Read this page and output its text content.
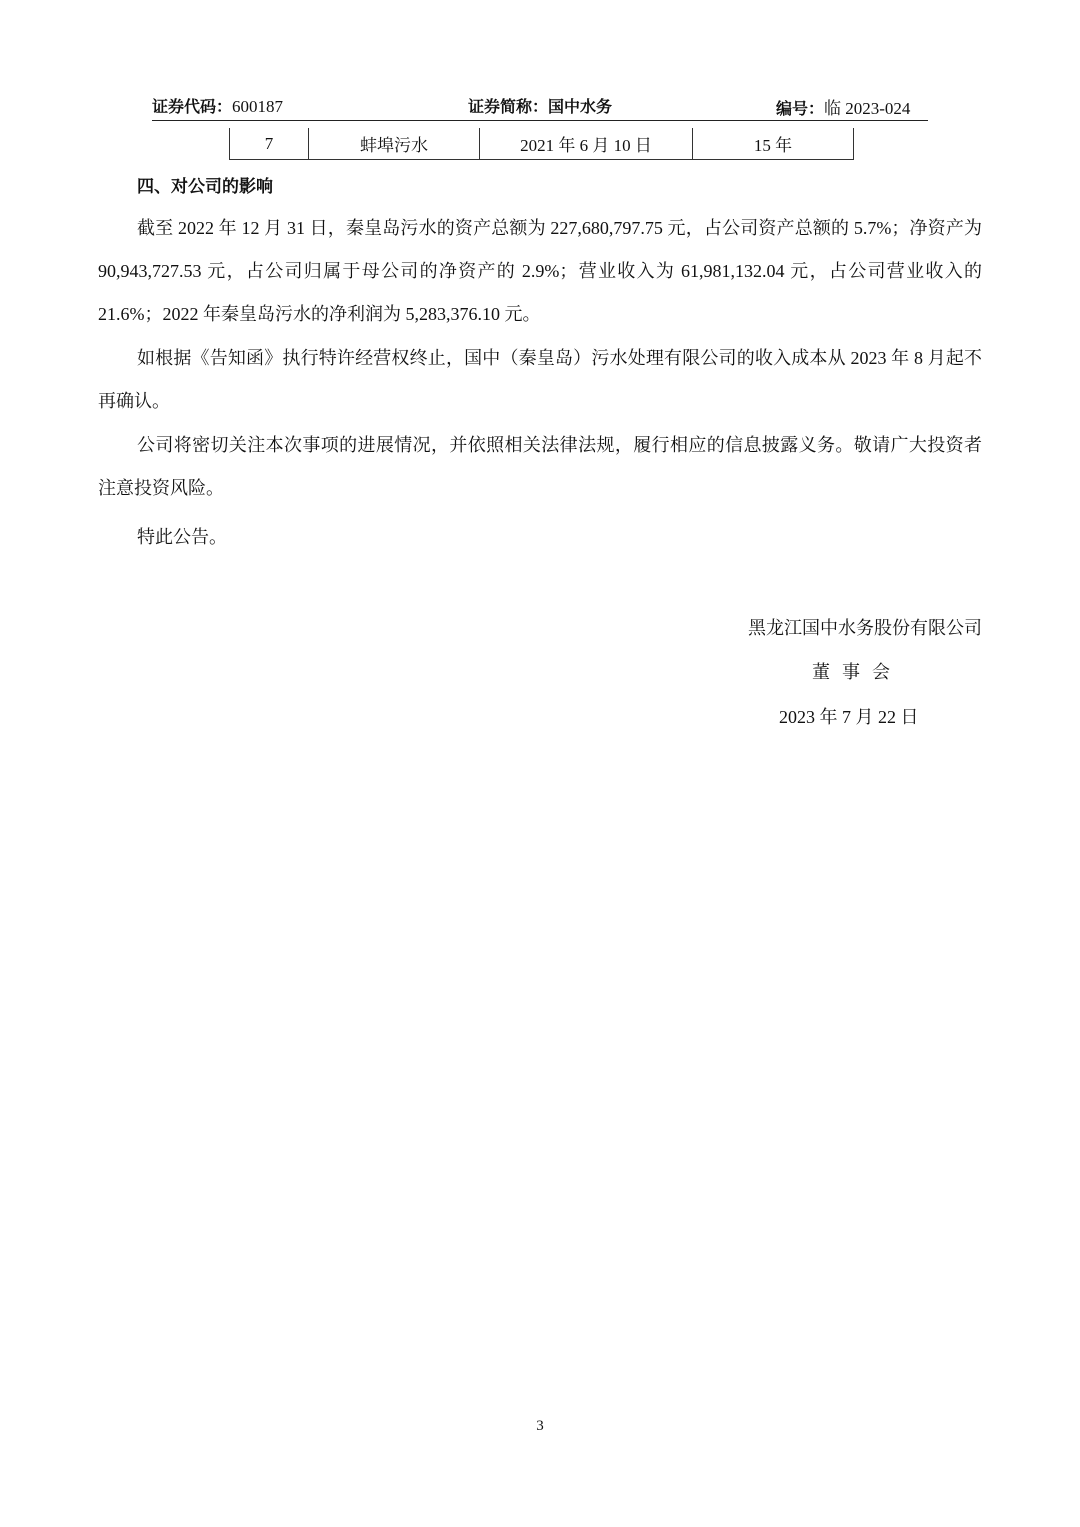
证券代码：600187	证券简称：国中水务	编号：临 2023-024
7	蚌埠污水	2021 年 6 月 10 日	15 年
四、对公司的影响

截至 2022 年 12 月 31 日，秦皇岛污水的资产总额为 227,680,797.75 元，占公司资产总额的 5.7%；净资产为 90,943,727.53 元，占公司归属于母公司的净资产的 2.9%；营业收入为 61,981,132.04 元，占公司营业收入的 21.6%；2022 年秦皇岛污水的净利润为 5,283,376.10 元。

如根据《告知函》执行特许经营权终止，国中（秦皇岛）污水处理有限公司的收入成本从 2023 年 8 月起不再确认。

公司将密切关注本次事项的进展情况，并依照相关法律法规，履行相应的信息披露义务。敬请广大投资者注意投资风险。

特此公告。

黑龙江国中水务股份有限公司
董事会
2023 年 7 月 22 日
3
